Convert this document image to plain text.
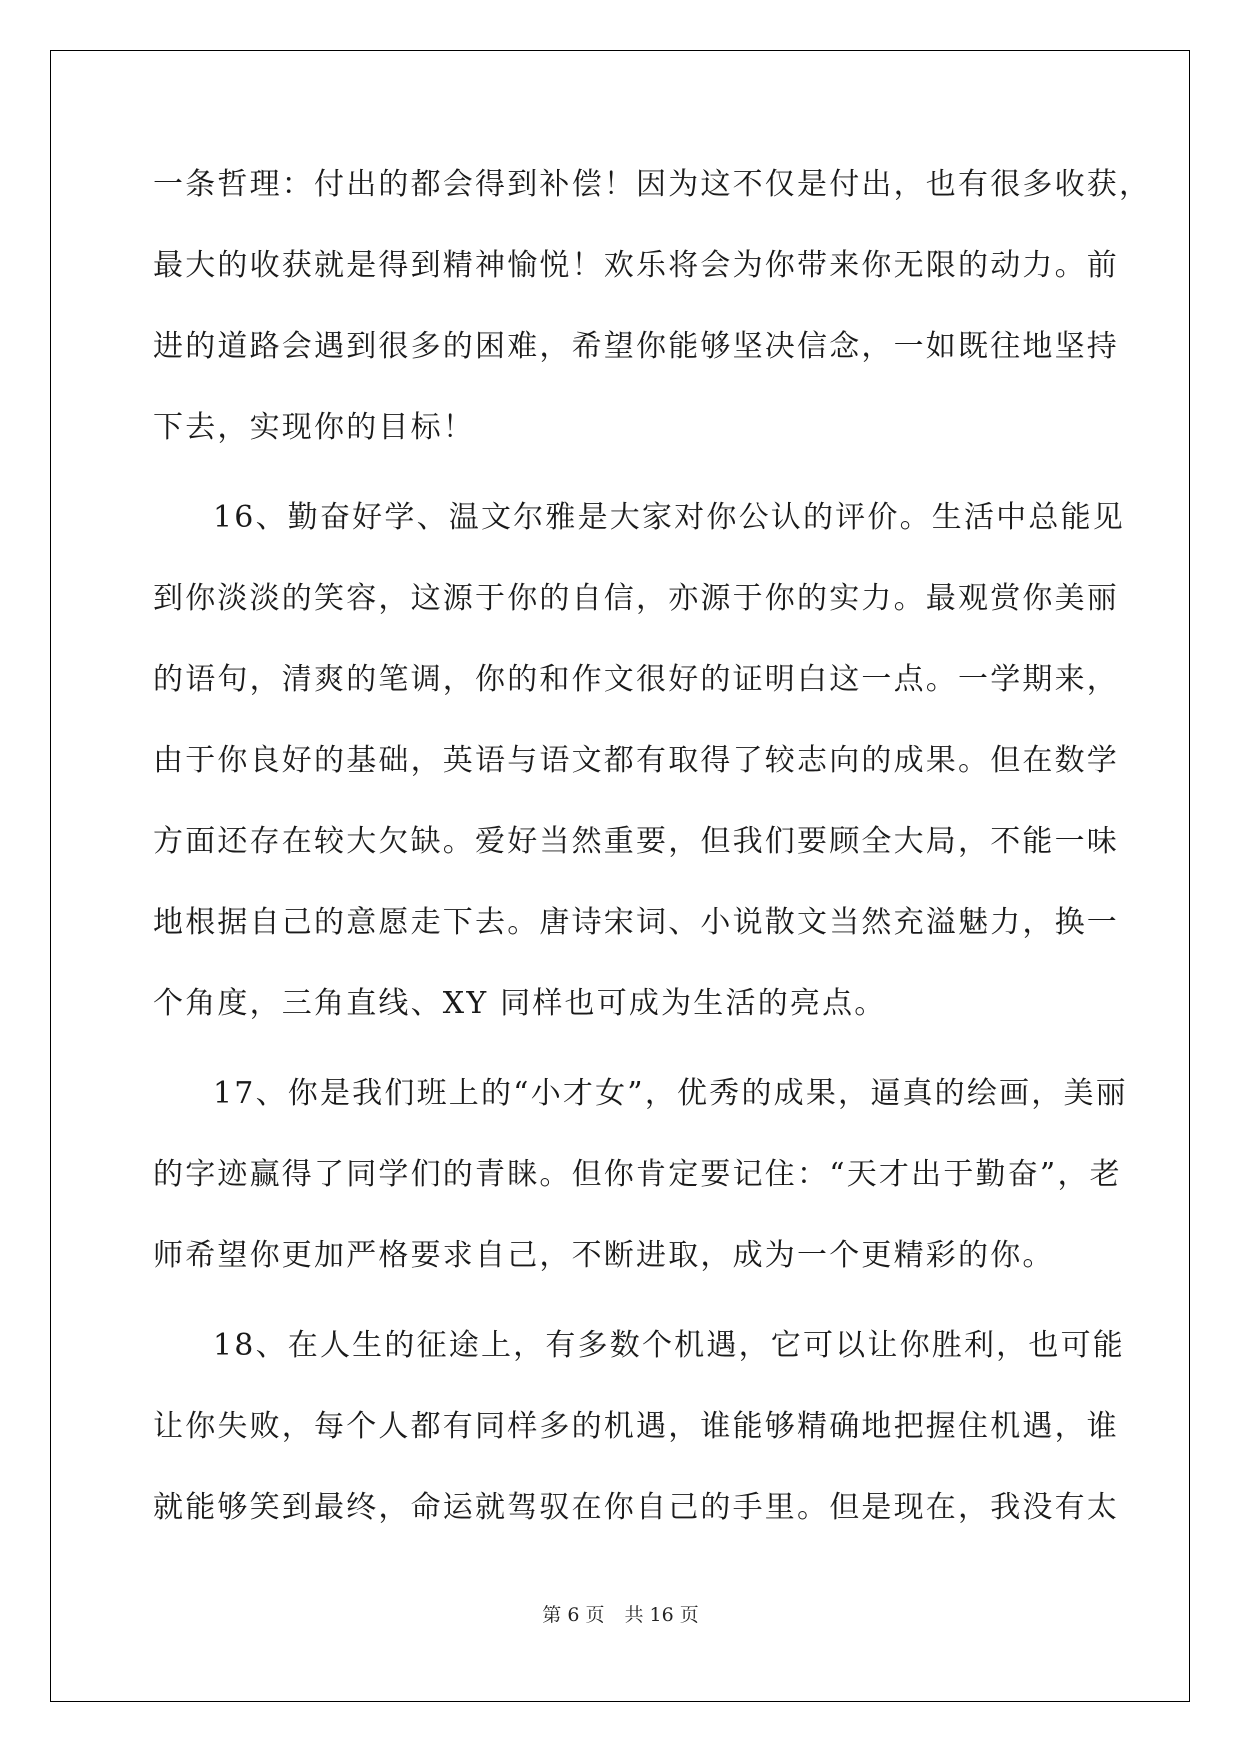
一条哲理：付出的都会得到补偿！因为这不仅是付出，也有很多收获，

最大的收获就是得到精神愉悦！欢乐将会为你带来你无限的动力。前

进的道路会遇到很多的困难，希望你能够坚决信念，一如既往地坚持

下去，实现你的目标！

16、勤奋好学、温文尔雅是大家对你公认的评价。生活中总能见

到你淡淡的笑容，这源于你的自信，亦源于你的实力。最观赏你美丽

的语句，清爽的笔调，你的和作文很好的证明白这一点。一学期来，

由于你良好的基础，英语与语文都有取得了较志向的成果。但在数学

方面还存在较大欠缺。爱好当然重要，但我们要顾全大局，不能一味

地根据自己的意愿走下去。唐诗宋词、小说散文当然充溢魅力，换一

个角度，三角直线、XY 同样也可成为生活的亮点。

17、你是我们班上的“小才女”，优秀的成果，逼真的绘画，美丽

的字迹赢得了同学们的青睐。但你肯定要记住：“天才出于勤奋”，老

师希望你更加严格要求自己，不断进取，成为一个更精彩的你。

18、在人生的征途上，有多数个机遇，它可以让你胜利，也可能

让你失败，每个人都有同样多的机遇，谁能够精确地把握住机遇，谁

就能够笑到最终，命运就驾驭在你自己的手里。但是现在，我没有太

第 6 页 共 16 页
